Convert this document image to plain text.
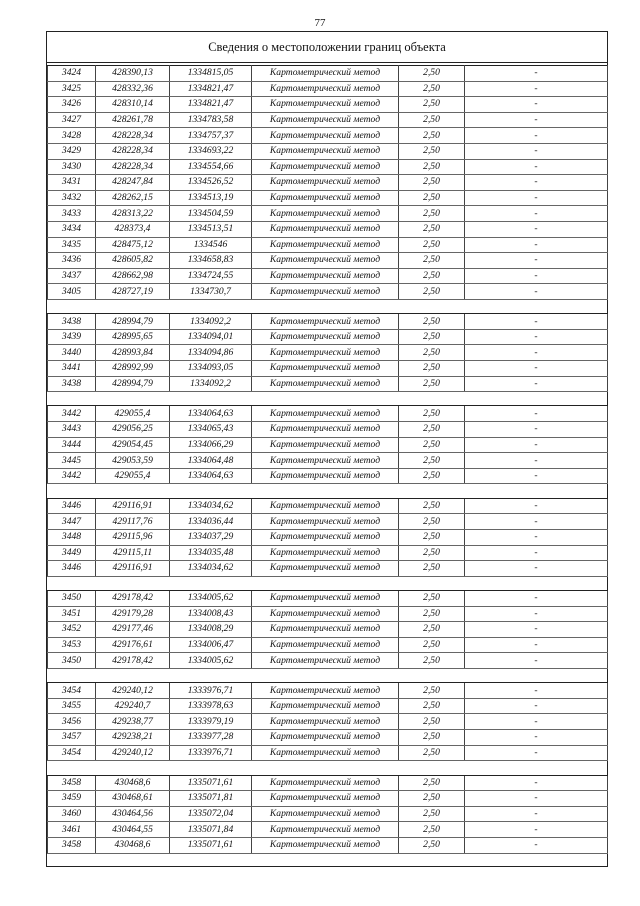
77
Сведения о местоположении границ объекта
3424	428390,13	1334815,05	Картометрический метод	2,50	-
3425	428332,36	1334821,47	Картометрический метод	2,50	-
3426	428310,14	1334821,47	Картометрический метод	2,50	-
3427	428261,78	1334783,58	Картометрический метод	2,50	-
3428	428228,34	1334757,37	Картометрический метод	2,50	-
3429	428228,34	1334693,22	Картометрический метод	2,50	-
3430	428228,34	1334554,66	Картометрический метод	2,50	-
3431	428247,84	1334526,52	Картометрический метод	2,50	-
3432	428262,15	1334513,19	Картометрический метод	2,50	-
3433	428313,22	1334504,59	Картометрический метод	2,50	-
3434	428373,4	1334513,51	Картометрический метод	2,50	-
3435	428475,12	1334546	Картометрический метод	2,50	-
3436	428605,82	1334658,83	Картометрический метод	2,50	-
3437	428662,98	1334724,55	Картометрический метод	2,50	-
3405	428727,19	1334730,7	Картометрический метод	2,50	-

3438	428994,79	1334092,2	Картометрический метод	2,50	-
3439	428995,65	1334094,01	Картометрический метод	2,50	-
3440	428993,84	1334094,86	Картометрический метод	2,50	-
3441	428992,99	1334093,05	Картометрический метод	2,50	-
3438	428994,79	1334092,2	Картометрический метод	2,50	-

3442	429055,4	1334064,63	Картометрический метод	2,50	-
3443	429056,25	1334065,43	Картометрический метод	2,50	-
3444	429054,45	1334066,29	Картометрический метод	2,50	-
3445	429053,59	1334064,48	Картометрический метод	2,50	-
3442	429055,4	1334064,63	Картометрический метод	2,50	-

3446	429116,91	1334034,62	Картометрический метод	2,50	-
3447	429117,76	1334036,44	Картометрический метод	2,50	-
3448	429115,96	1334037,29	Картометрический метод	2,50	-
3449	429115,11	1334035,48	Картометрический метод	2,50	-
3446	429116,91	1334034,62	Картометрический метод	2,50	-

3450	429178,42	1334005,62	Картометрический метод	2,50	-
3451	429179,28	1334008,43	Картометрический метод	2,50	-
3452	429177,46	1334008,29	Картометрический метод	2,50	-
3453	429176,61	1334006,47	Картометрический метод	2,50	-
3450	429178,42	1334005,62	Картометрический метод	2,50	-

3454	429240,12	1333976,71	Картометрический метод	2,50	-
3455	429240,7	1333978,63	Картометрический метод	2,50	-
3456	429238,77	1333979,19	Картометрический метод	2,50	-
3457	429238,21	1333977,28	Картометрический метод	2,50	-
3454	429240,12	1333976,71	Картометрический метод	2,50	-

3458	430468,6	1335071,61	Картометрический метод	2,50	-
3459	430468,61	1335071,81	Картометрический метод	2,50	-
3460	430464,56	1335072,04	Картометрический метод	2,50	-
3461	430464,55	1335071,84	Картометрический метод	2,50	-
3458	430468,6	1335071,61	Картометрический метод	2,50	-
